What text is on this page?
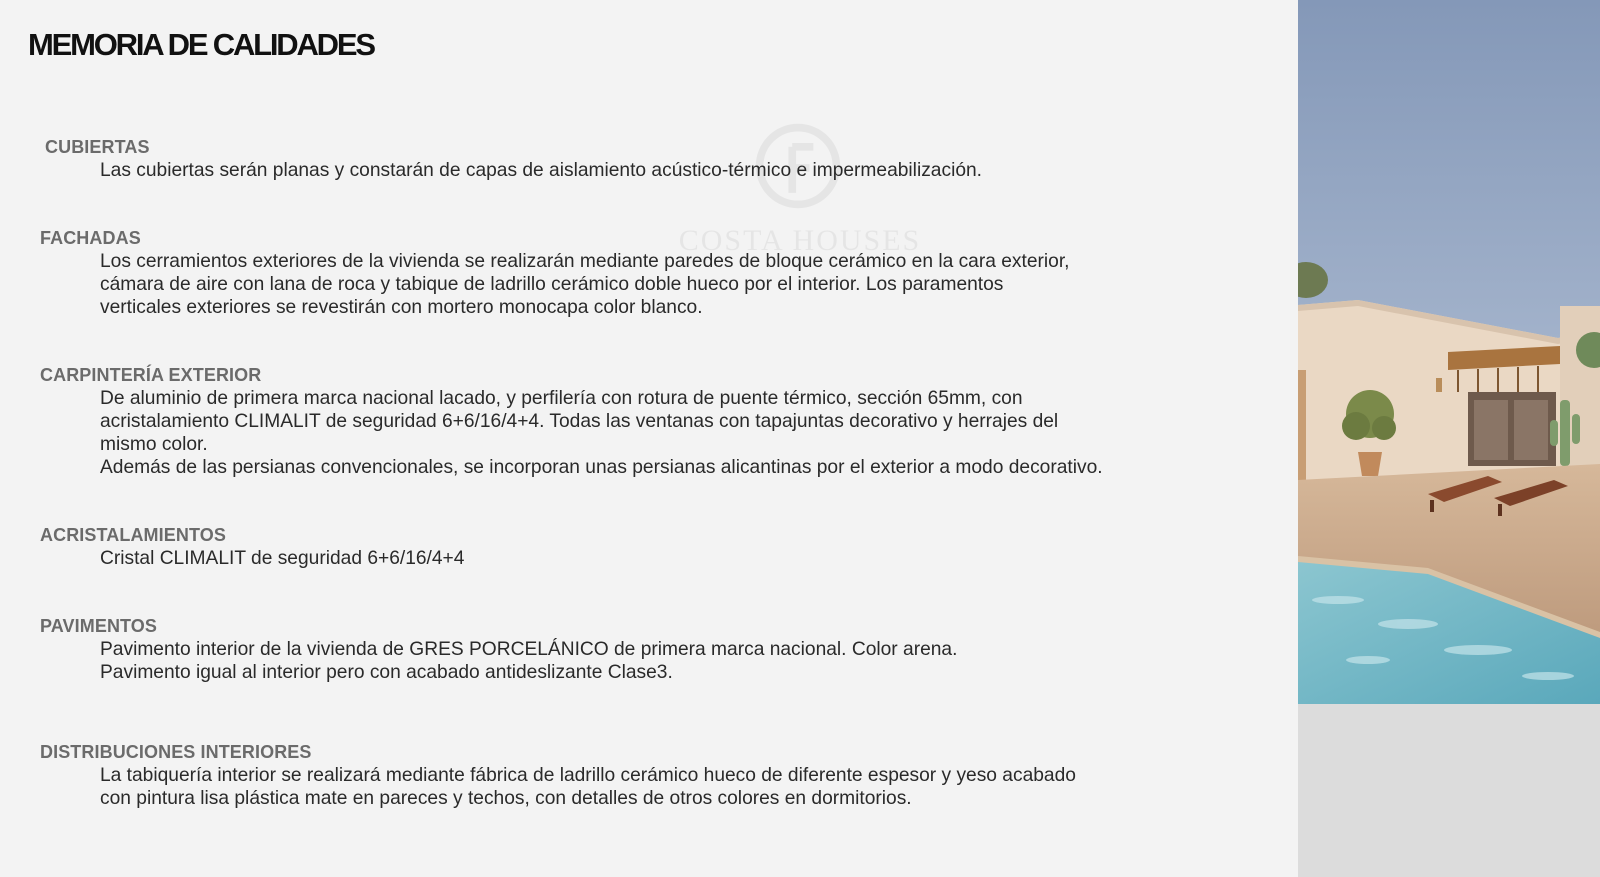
MEMORIA DE CALIDADES
COSTA HOUSES
CUBIERTAS
Las cubiertas serán planas y constarán de capas de aislamiento acústico-térmico e impermeabilización.
FACHADAS
Los cerramientos exteriores de la vivienda se realizarán mediante paredes de bloque cerámico en la cara exterior,
cámara de aire con lana de roca y tabique de ladrillo cerámico doble hueco por el interior. Los paramentos
verticales exteriores se revestirán con mortero monocapa color blanco.
CARPINTERÍA EXTERIOR
De aluminio de primera marca nacional lacado, y perfilería con rotura de puente térmico, sección 65mm, con
acristalamiento CLIMALIT de seguridad 6+6/16/4+4. Todas las ventanas con tapajuntas decorativo y herrajes del
mismo color.
Además de las persianas convencionales, se incorporan unas persianas alicantinas por el exterior a modo decorativo.
ACRISTALAMIENTOS
Cristal CLIMALIT de seguridad 6+6/16/4+4
PAVIMENTOS
Pavimento interior de la vivienda de GRES PORCELÁNICO de primera marca nacional. Color arena.
Pavimento igual al interior pero con acabado antideslizante Clase3.
DISTRIBUCIONES INTERIORES
La tabiquería interior se realizará mediante fábrica de ladrillo cerámico hueco de diferente espesor y yeso acabado
con pintura lisa plástica mate en pareces y techos, con detalles de otros colores en dormitorios.
